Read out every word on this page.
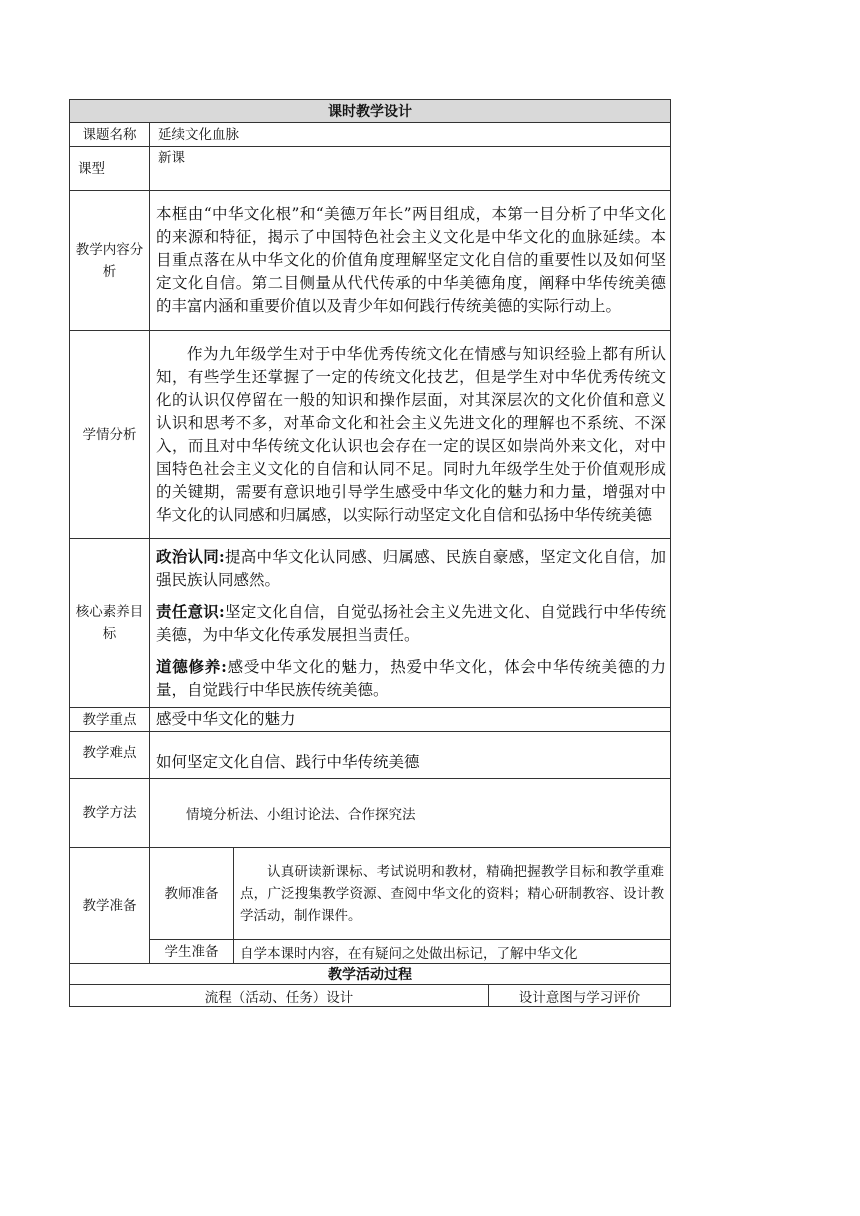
课时教学设计			
课题名称	延续文化血脉		
课型	新课		
教学内容分析	本框由“中华文化根”和“美德万年长”两目组成，本第一目分析了中华文化的来源和特征，揭示了中国特色社会主义文化是中华文化的血脉延续。本目重点落在从中华文化的价值角度理解坚定文化自信的重要性以及如何坚定文化自信。第二目侧量从代代传承的中华美德角度，阐释中华传统美德的丰富内涵和重要价值以及青少年如何践行传统美德的实际行动上。		
学情分析	作为九年级学生对于中华优秀传统文化在情感与知识经验上都有所认知，有些学生还掌握了一定的传统文化技艺，但是学生对中华优秀传统文化的认识仅停留在一般的知识和操作层面，对其深层次的文化价值和意义认识和思考不多，对革命文化和社会主义先进文化的理解也不系统、不深入，而且对中华传统文化认识也会存在一定的误区如崇尚外来文化，对中国特色社会主义文化的自信和认同不足。同时九年级学生处于价值观形成的关键期，需要有意识地引导学生感受中华文化的魅力和力量，增强对中华文化的认同感和归属感，以实际行动坚定文化自信和弘扬中华传统美德		
核心素养目标	政治认同:提高中华文化认同感、归属感、民族自豪感，坚定文化自信，加强民族认同感然。

责任意识:坚定文化自信，自觉弘扬社会主义先进文化、自觉践行中华传统美德，为中华文化传承发展担当责任。

道德修养:感受中华文化的魅力，热爱中华文化，体会中华传统美德的力量，自觉践行中华民族传统美德。		

教学重点	感受中华文化的魅力		
教学难点	如何坚定文化自信、践行中华传统美德		
教学方法	情境分析法、小组讨论法、合作探究法		
教学准备	教师准备	认真研读新课标、考试说明和教材，精确把握教学目标和教学重难点，广泛搜集教学资源、查阅中华文化的资料；精心研制教容、设计教学活动，制作课件。	
	学生准备	自学本课时内容，在有疑问之处做出标记，了解中华文化	
教学活动过程			
流程（活动、任务）设计			设计意图与学习评价
